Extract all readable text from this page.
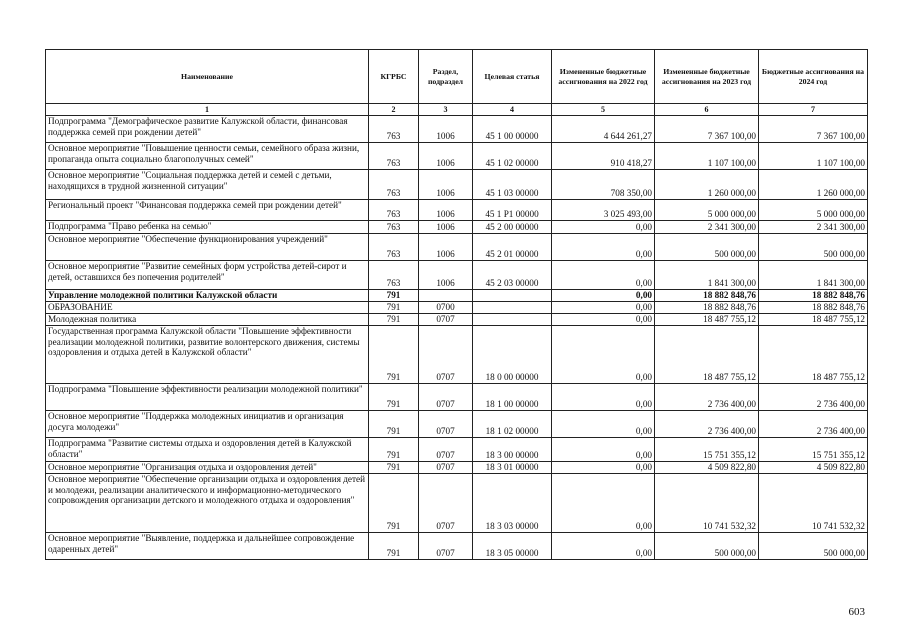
Наименование	КГРБС	Раздел, подраздел	Целевая статья	Измененные бюджетные ассигнования на 2022 год	Измененные бюджетные ассигнования на 2023 год	Бюджетные ассигнования на 2024 год
1	2	3	4	5	6	7
Подпрограмма "Демографическое развитие Калужской области, финансовая поддержка семей при рождении детей"	763	1006	45 1 00 00000	4 644 261,27	7 367 100,00	7 367 100,00
Основное мероприятие "Повышение ценности семьи, семейного образа жизни, пропаганда опыта социально благополучных семей"	763	1006	45 1 02 00000	910 418,27	1 107 100,00	1 107 100,00
Основное мероприятие "Социальная поддержка детей и семей с детьми, находящихся в трудной жизненной ситуации"	763	1006	45 1 03 00000	708 350,00	1 260 000,00	1 260 000,00
Региональный проект "Финансовая поддержка семей при рождении детей"	763	1006	45 1 P1 00000	3 025 493,00	5 000 000,00	5 000 000,00
Подпрограмма "Право ребенка на семью"	763	1006	45 2 00 00000	0,00	2 341 300,00	2 341 300,00
Основное мероприятие "Обеспечение функционирования учреждений"	763	1006	45 2 01 00000	0,00	500 000,00	500 000,00
Основное мероприятие "Развитие семейных форм устройства детей-сирот и детей, оставшихся без попечения родителей"	763	1006	45 2 03 00000	0,00	1 841 300,00	1 841 300,00
Управление молодежной политики Калужской области	791			0,00	18 882 848,76	18 882 848,76
ОБРАЗОВАНИЕ	791	0700		0,00	18 882 848,76	18 882 848,76
Молодежная политика	791	0707		0,00	18 487 755,12	18 487 755,12
Государственная программа Калужской области "Повышение эффективности реализации молодежной политики, развитие волонтерского движения, системы оздоровления и отдыха детей в Калужской области"	791	0707	18 0 00 00000	0,00	18 487 755,12	18 487 755,12
Подпрограмма "Повышение эффективности реализации молодежной политики"	791	0707	18 1 00 00000	0,00	2 736 400,00	2 736 400,00
Основное мероприятие "Поддержка молодежных инициатив и организация досуга молодежи"	791	0707	18 1 02 00000	0,00	2 736 400,00	2 736 400,00
Подпрограмма "Развитие системы отдыха и оздоровления детей в Калужской области"	791	0707	18 3 00 00000	0,00	15 751 355,12	15 751 355,12
Основное мероприятие "Организация отдыха и оздоровления детей"	791	0707	18 3 01 00000	0,00	4 509 822,80	4 509 822,80
Основное мероприятие "Обеспечение организации отдыха и оздоровления детей и молодежи, реализации аналитического и информационно-методического сопровождения организации детского и молодежного отдыха и оздоровления"	791	0707	18 3 03 00000	0,00	10 741 532,32	10 741 532,32
Основное мероприятие "Выявление, поддержка и дальнейшее сопровождение одаренных детей"	791	0707	18 3 05 00000	0,00	500 000,00	500 000,00
603
